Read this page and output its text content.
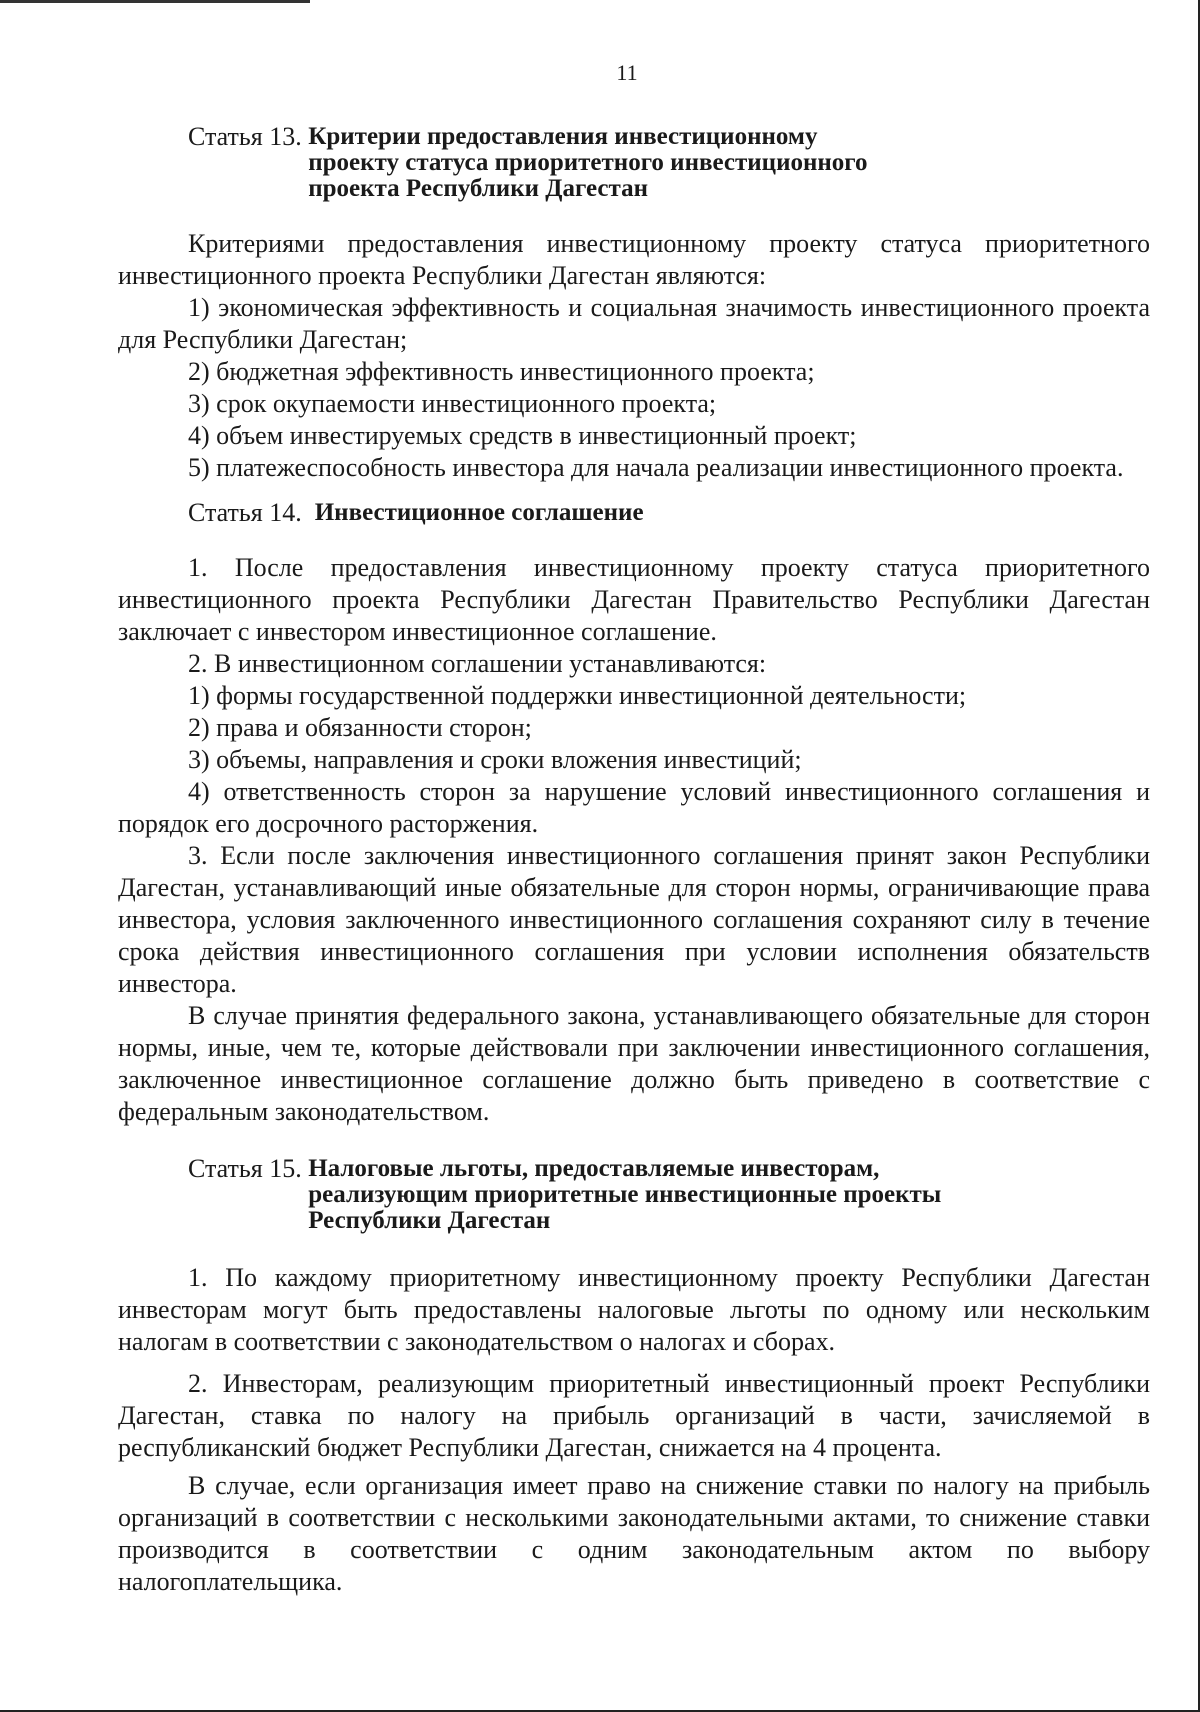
11
Статья 13.
Критерии предоставления инвестиционному
проекту статуса приоритетного инвестиционного
проекта Республики Дагестан

Критериями предоставления инвестиционному проекту статуса приоритетного инвестиционного проекта Республики Дагестан являются:

1) экономическая эффективность и социальная значимость инвестиционного проекта для Республики Дагестан;

2) бюджетная эффективность инвестиционного проекта;

3) срок окупаемости инвестиционного проекта;

4) объем инвестируемых средств в инвестиционный проект;

5) платежеспособность инвестора для начала реализации инвестиционного проекта.

Статья 14.
Инвестиционное соглашение

1. После предоставления инвестиционному проекту статуса приоритетного инвестиционного проекта Республики Дагестан Правительство Республики Дагестан заключает с инвестором инвестиционное соглашение.

2. В инвестиционном соглашении устанавливаются:

1) формы государственной поддержки инвестиционной деятельности;

2) права и обязанности сторон;

3) объемы, направления и сроки вложения инвестиций;

4) ответственность сторон за нарушение условий инвестиционного соглашения и порядок его досрочного расторжения.

3. Если после заключения инвестиционного соглашения принят закон Республики Дагестан, устанавливающий иные обязательные для сторон нормы, ограничивающие права инвестора, условия заключенного инвестиционного соглашения сохраняют силу в течение срока действия инвестиционного соглашения при условии исполнения обязательств инвестора.

В случае принятия федерального закона, устанавливающего обязательные для сторон нормы, иные, чем те, которые действовали при заключении инвестиционного соглашения, заключенное инвестиционное соглашение должно быть приведено в соответствие с федеральным законодательством.

Статья 15.
Налоговые льготы, предоставляемые инвесторам,
реализующим приоритетные инвестиционные проекты
Республики Дагестан

1. По каждому приоритетному инвестиционному проекту Республики Дагестан инвесторам могут быть предоставлены налоговые льготы по одному или нескольким налогам в соответствии с законодательством о налогах и сборах.

2. Инвесторам, реализующим приоритетный инвестиционный проект Республики Дагестан, ставка по налогу на прибыль организаций в части, зачисляемой в республиканский бюджет Республики Дагестан, снижается на 4 процента.

В случае, если организация имеет право на снижение ставки по налогу на прибыль организаций в соответствии с несколькими законодательными актами, то снижение ставки производится в соответствии с одним законодательным актом по выбору налогоплательщика.
